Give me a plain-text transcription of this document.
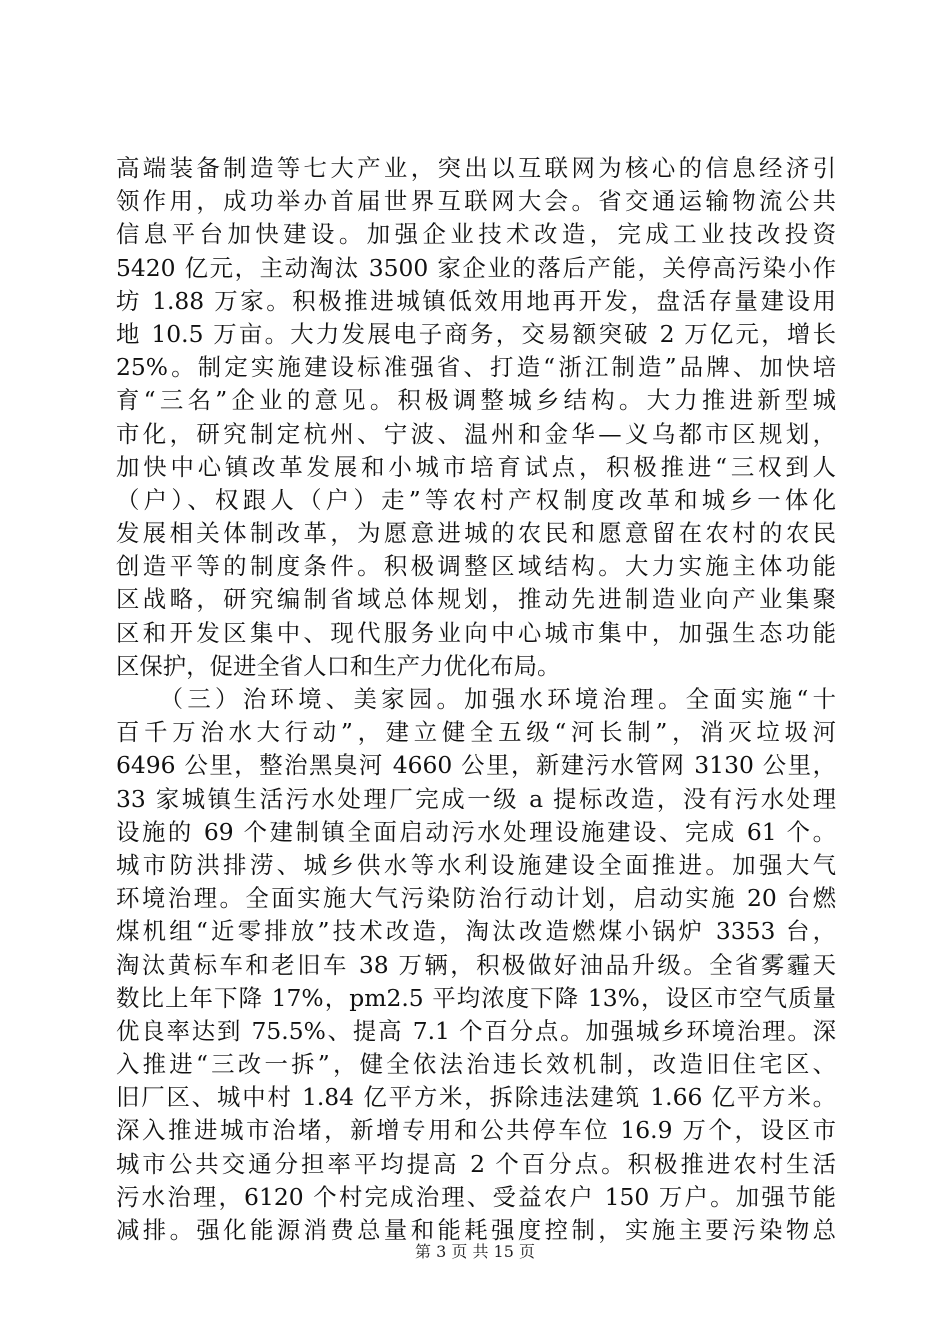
高端装备制造等七大产业，突出以互联网为核心的信息经济引
领作用，成功举办首届世界互联网大会。省交通运输物流公共
信息平台加快建设。加强企业技术改造，完成工业技改投资
5420 亿元，主动淘汰 3500 家企业的落后产能，关停高污染小作
坊 1.88 万家。积极推进城镇低效用地再开发，盘活存量建设用
地 10.5 万亩。大力发展电子商务，交易额突破 2 万亿元，增长
25%。制定实施建设标准强省、打造“浙江制造”品牌、加快培
育“三名”企业的意见。积极调整城乡结构。大力推进新型城
市化，研究制定杭州、宁波、温州和金华—义乌都市区规划，
加快中心镇改革发展和小城市培育试点，积极推进“三权到人
（户）、权跟人（户）走”等农村产权制度改革和城乡一体化
发展相关体制改革，为愿意进城的农民和愿意留在农村的农民
创造平等的制度条件。积极调整区域结构。大力实施主体功能
区战略，研究编制省域总体规划，推动先进制造业向产业集聚
区和开发区集中、现代服务业向中心城市集中，加强生态功能
区保护，促进全省人口和生产力优化布局。
　　（三）治环境、美家园。加强水环境治理。全面实施“十
百千万治水大行动”，建立健全五级“河长制”，消灭垃圾河
6496 公里，整治黑臭河 4660 公里，新建污水管网 3130 公里，
33 家城镇生活污水处理厂完成一级 a 提标改造，没有污水处理
设施的 69 个建制镇全面启动污水处理设施建设、完成 61 个。
城市防洪排涝、城乡供水等水利设施建设全面推进。加强大气
环境治理。全面实施大气污染防治行动计划，启动实施 20 台燃
煤机组“近零排放”技术改造，淘汰改造燃煤小锅炉 3353 台，
淘汰黄标车和老旧车 38 万辆，积极做好油品升级。全省雾霾天
数比上年下降 17%，pm2.5 平均浓度下降 13%，设区市空气质量
优良率达到 75.5%、提高 7.1 个百分点。加强城乡环境治理。深
入推进“三改一拆”，健全依法治违长效机制，改造旧住宅区、
旧厂区、城中村 1.84 亿平方米，拆除违法建筑 1.66 亿平方米。
深入推进城市治堵，新增专用和公共停车位 16.9 万个，设区市
城市公共交通分担率平均提高 2 个百分点。积极推进农村生活
污水治理，6120 个村完成治理、受益农户 150 万户。加强节能
减排。强化能源消费总量和能耗强度控制，实施主要污染物总
第 3 页 共 15 页
